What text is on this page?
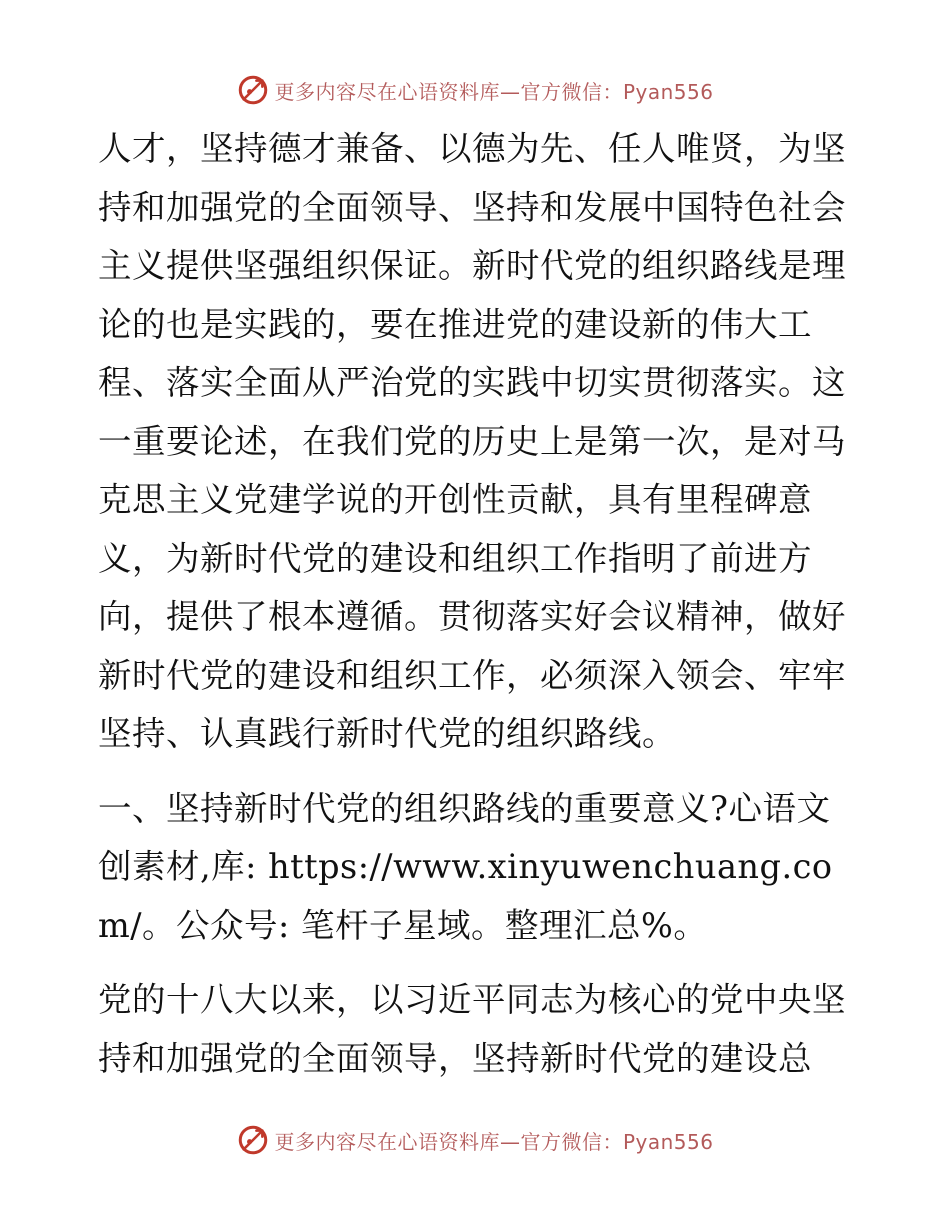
更多内容尽在心语资料库—官方微信：Pyan556

人才，坚持德才兼备、以德为先、任人唯贤，为坚持和加强党的全面领导、坚持和发展中国特色社会主义提供坚强组织保证。新时代党的组织路线是理论的也是实践的，要在推进党的建设新的伟大工程、落实全面从严治党的实践中切实贯彻落实。这一重要论述，在我们党的历史上是第一次，是对马克思主义党建学说的开创性贡献，具有里程碑意义，为新时代党的建设和组织工作指明了前进方向，提供了根本遵循。贯彻落实好会议精神，做好新时代党的建设和组织工作，必须深入领会、牢牢坚持、认真践行新时代党的组织路线。

一、坚持新时代党的组织路线的重要意义?心语文创素材,库: https://www.xinyuwenchuang.com/。公众号: 笔杆子星域。整理汇总%。

党的十八大以来，以习近平同志为核心的党中央坚持和加强党的全面领导，坚持新时代党的建设总

更多内容尽在心语资料库—官方微信：Pyan556
